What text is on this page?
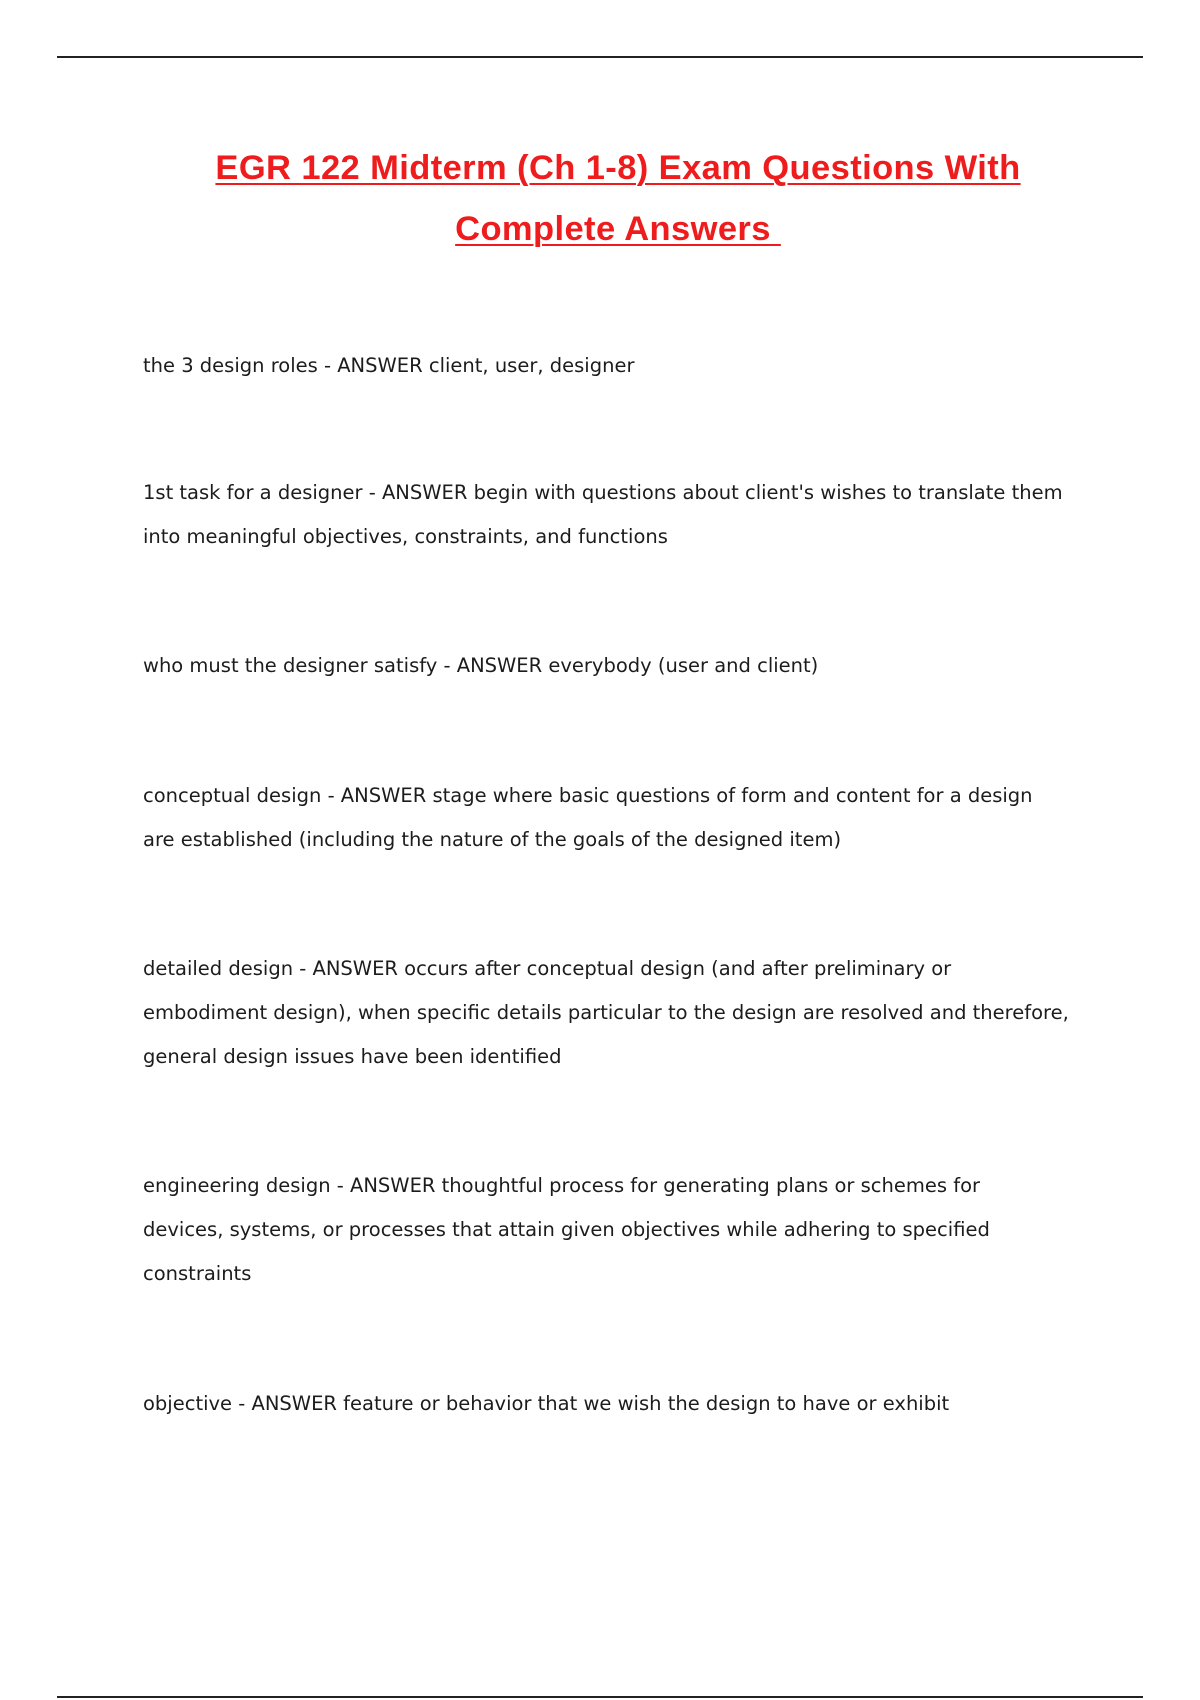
EGR 122 Midterm (Ch 1-8) Exam Questions With
Complete Answers

the 3 design roles - ANSWER client, user, designer

1st task for a designer - ANSWER begin with questions about client's wishes to translate them
into meaningful objectives, constraints, and functions

who must the designer satisfy - ANSWER everybody (user and client)

conceptual design - ANSWER stage where basic questions of form and content for a design
are established (including the nature of the goals of the designed item)

detailed design - ANSWER occurs after conceptual design (and after preliminary or
embodiment design), when specific details particular to the design are resolved and therefore,
general design issues have been identified

engineering design - ANSWER thoughtful process for generating plans or schemes for
devices, systems, or processes that attain given objectives while adhering to specified
constraints

objective - ANSWER feature or behavior that we wish the design to have or exhibit
